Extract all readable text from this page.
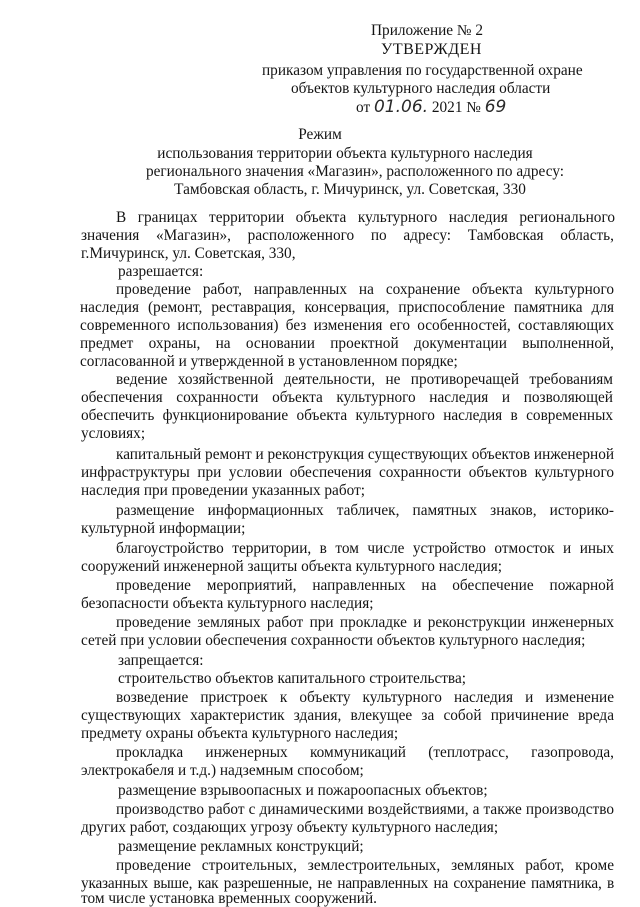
Приложение № 2
УТВЕРЖДЕН
приказом управления по государственной охране
объектов культурного наследия области
от 01.06. 2021 № 69
Режим
использования территории объекта культурного наследия
регионального значения «Магазин», расположенного по адресу:
Тамбовская область, г. Мичуринск, ул. Советская, 330
В границах территории объекта культурного наследия регионального
значения «Магазин», расположенного по адресу: Тамбовская область,
г.Мичуринск, ул. Советская, 330,
разрешается:
проведение работ, направленных на сохранение объекта культурного
наследия (ремонт, реставрация, консервация, приспособление памятника для
современного использования) без изменения его особенностей, составляющих
предмет охраны, на основании проектной документации выполненной,
согласованной и утвержденной в установленном порядке;
ведение хозяйственной деятельности, не противоречащей требованиям
обеспечения сохранности объекта культурного наследия и позволяющей
обеспечить функционирование объекта культурного наследия в современных
условиях;
капитальный ремонт и реконструкция существующих объектов инженерной
инфраструктуры при условии обеспечения сохранности объектов культурного
наследия при проведении указанных работ;
размещение информационных табличек, памятных знаков, историко-
культурной информации;
благоустройство территории, в том числе устройство отмосток и иных
сооружений инженерной защиты объекта культурного наследия;
проведение мероприятий, направленных на обеспечение пожарной
безопасности объекта культурного наследия;
проведение земляных работ при прокладке и реконструкции инженерных
сетей при условии обеспечения сохранности объектов культурного наследия;
запрещается:
строительство объектов капитального строительства;
возведение пристроек к объекту культурного наследия и изменение
существующих характеристик здания, влекущее за собой причинение вреда
предмету охраны объекта культурного наследия;
прокладка инженерных коммуникаций (теплотрасс, газопровода,
электрокабеля и т.д.) надземным способом;
размещение взрывоопасных и пожароопасных объектов;
производство работ с динамическими воздействиями, а также производство
других работ, создающих угрозу объекту культурного наследия;
размещение рекламных конструкций;
проведение строительных, землестроительных, земляных работ, кроме
указанных выше, как разрешенные, не направленных на сохранение памятника, в
том числе установка временных сооружений.
